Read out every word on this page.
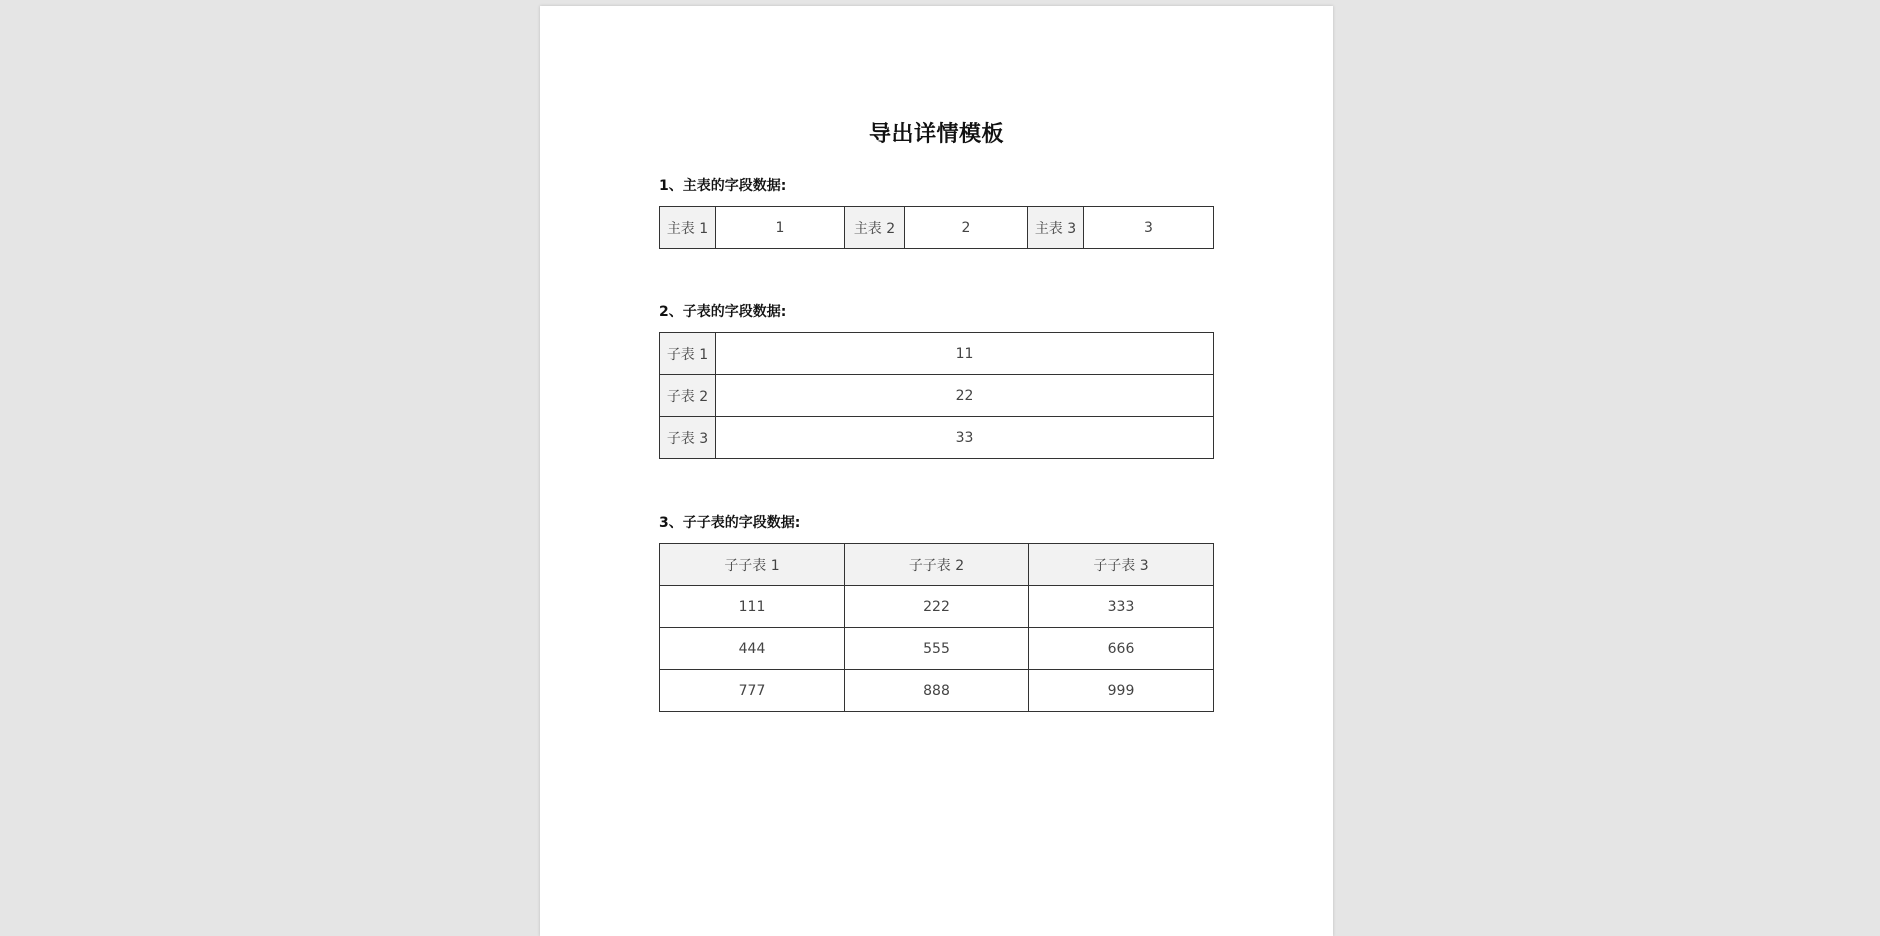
导出详情模板

1、主表的字段数据:

主表 1	1	主表 2	2	主表 3	3

2、子表的字段数据:

子表 1	11
子表 2	22
子表 3	33

3、子子表的字段数据:

子子表 1	子子表 2	子子表 3
111	222	333
444	555	666
777	888	999
